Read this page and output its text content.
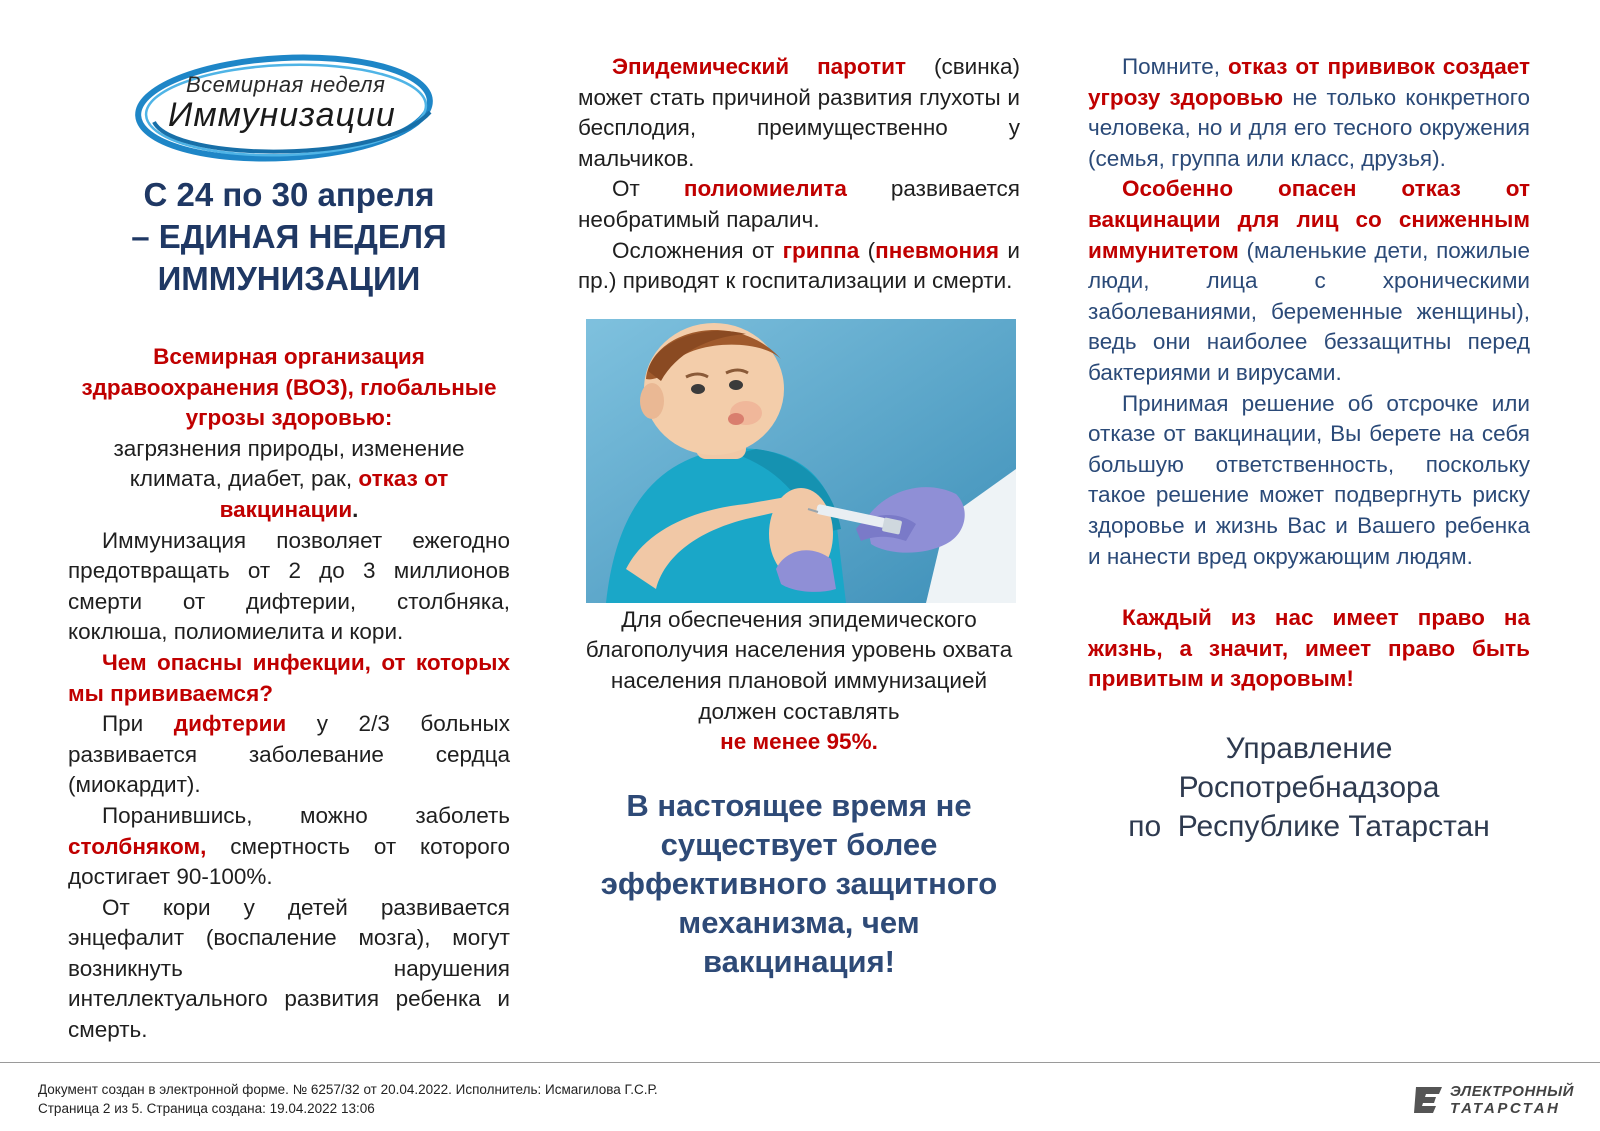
Всемирная неделя
Иммунизации
С 24 по 30 апреля
– ЕДИНАЯ НЕДЕЛЯ
ИММУНИЗАЦИИ

Всемирная организация здравоохранения (ВОЗ), глобальные угрозы здоровью:

загрязнения природы, изменение климата, диабет, рак, отказ от вакцинации.

Иммунизация позволяет ежегодно предотвращать от 2 до 3 миллионов смерти от дифтерии, столбняка, коклюша, полиомиелита и кори.

Чем опасны инфекции, от которых мы прививаемся?

При дифтерии у 2/3 больных развивается заболевание сердца (миокардит).

Поранившись, можно заболеть столбняком, смертность от которого достигает 90-100%.

От кори у детей развивается энцефалит (воспаление мозга), могут возникнуть нарушения интеллектуального развития ребенка и смерть.

Эпидемический паротит (свинка) может стать причиной развития глухоты и бесплодия, преимущественно у мальчиков.

От полиомиелита развивается необратимый паралич.

Осложнения от гриппа (пневмония и пр.) приводят к госпитализации и смерти.

Для обеспечения эпидемического благополучия населения уровень охвата населения плановой иммунизацией должен составлять

не менее 95%.

В настоящее время не существует более эффективного защитного механизма, чем вакцинация!

Помните, отказ от прививок создает угрозу здоровью не только конкретного человека, но и для его тесного окружения (семья, группа или класс, друзья).

Особенно опасен отказ от вакцинации для лиц со сниженным иммунитетом (маленькие дети, пожилые люди, лица с хроническими заболеваниями, беременные женщины), ведь они наиболее беззащитны перед бактериями и вирусами.

Принимая решение об отсрочке или отказе от вакцинации, Вы берете на себя большую ответственность, поскольку такое решение может подвергнуть риску здоровье и жизнь Вас и Вашего ребенка и нанести вред окружающим людям.

Каждый из нас имеет право на жизнь, а значит, имеет право быть привитым и здоровым!

Управление
Роспотребнадзора
по  Республике Татарстан
Документ создан в электронной форме. № 6257/32 от 20.04.2022. Исполнитель: Исмагилова Г.С.Р.
Страница 2 из 5. Страница создана: 19.04.2022 13:06
ЭЛЕКТРОННЫЙ
ТАТАРСТАН
